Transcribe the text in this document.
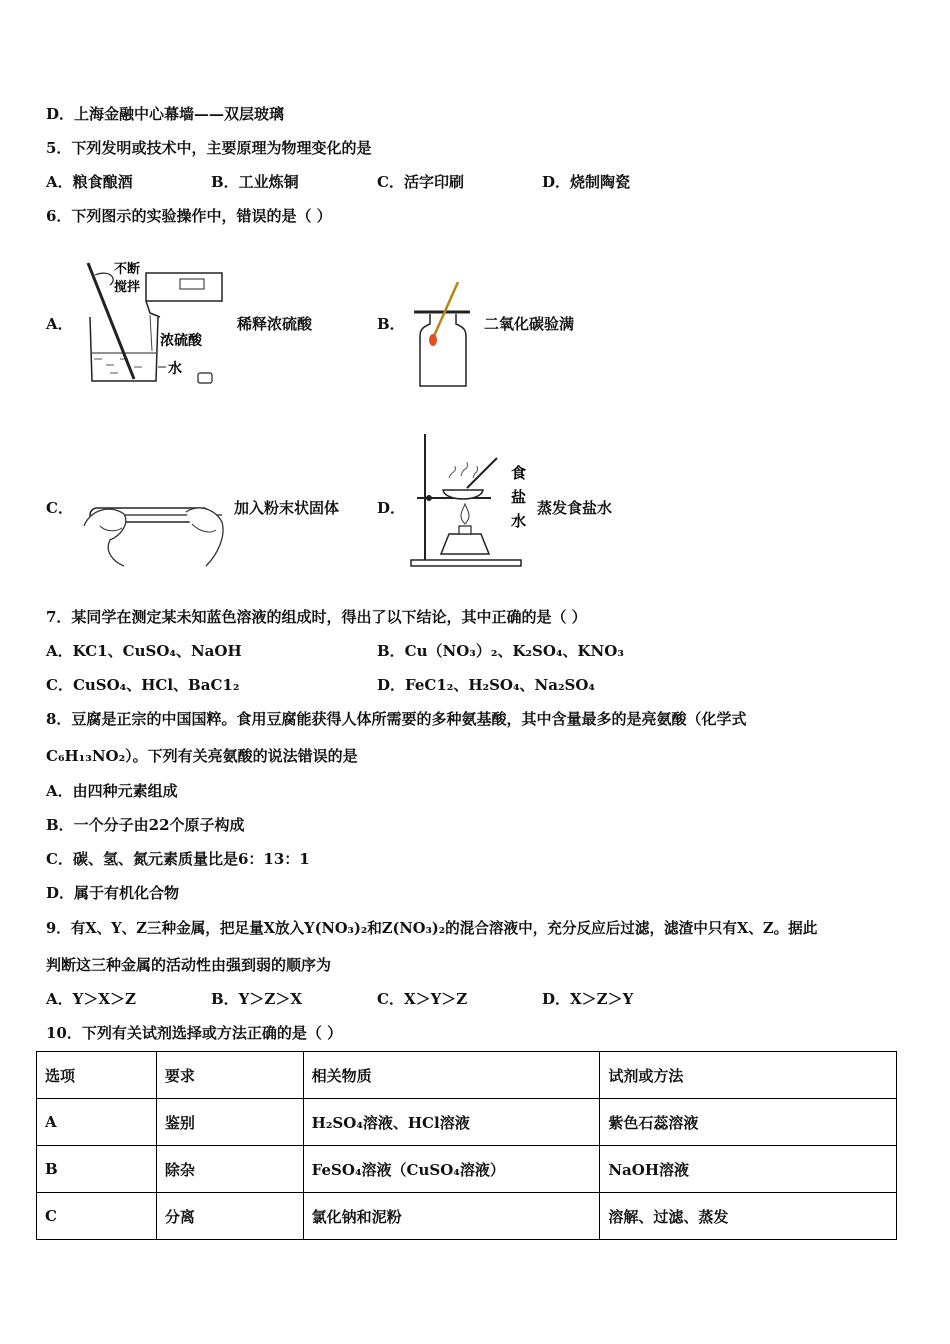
D．上海金融中心幕墙——双层玻璃
5．下列发明或技术中，主要原理为物理变化的是
A．粮食酿酒	B．工业炼铜	C．活字印刷	D．烧制陶瓷
6．下列图示的实验操作中，错误的是（ ）
A．
不断
搅拌
浓硫酸
水
稀释浓硫酸	B．	二氧化碳验满
C．	加入粉末状固体	D．
食
盐
水
蒸发食盐水
7．某同学在测定某未知蓝色溶液的组成时，得出了以下结论，其中正确的是（ ）
A．KC1、CuSO₄、NaOH	B．Cu（NO₃）₂、K₂SO₄、KNO₃
C．CuSO₄、HCl、BaC1₂	D．FeC1₂、H₂SO₄、Na₂SO₄
8．豆腐是正宗的中国国粹。食用豆腐能获得人体所需要的多种氨基酸，其中含量最多的是亮氨酸（化学式
C₆H₁₃NO₂）。下列有关亮氨酸的说法错误的是
A．由四种元素组成
B．一个分子由22个原子构成
C．碳、氢、氮元素质量比是6：13：1
D．属于有机化合物
9．有X、Y、Z三种金属，把足量X放入Y(NO₃)₂和Z(NO₃)₂的混合溶液中，充分反应后过滤，滤渣中只有X、Z。据此
判断这三种金属的活动性由强到弱的顺序为
A．Y＞X＞Z	B．Y＞Z＞X	C．X＞Y＞Z	D．X＞Z＞Y
10．下列有关试剂选择或方法正确的是（ ）
选项	要求	相关物质	试剂或方法
A	鉴别	H₂SO₄溶液、HCl溶液	紫色石蕊溶液
B	除杂	FeSO₄溶液（CuSO₄溶液）	NaOH溶液
C	分离	氯化钠和泥粉	溶解、过滤、蒸发
